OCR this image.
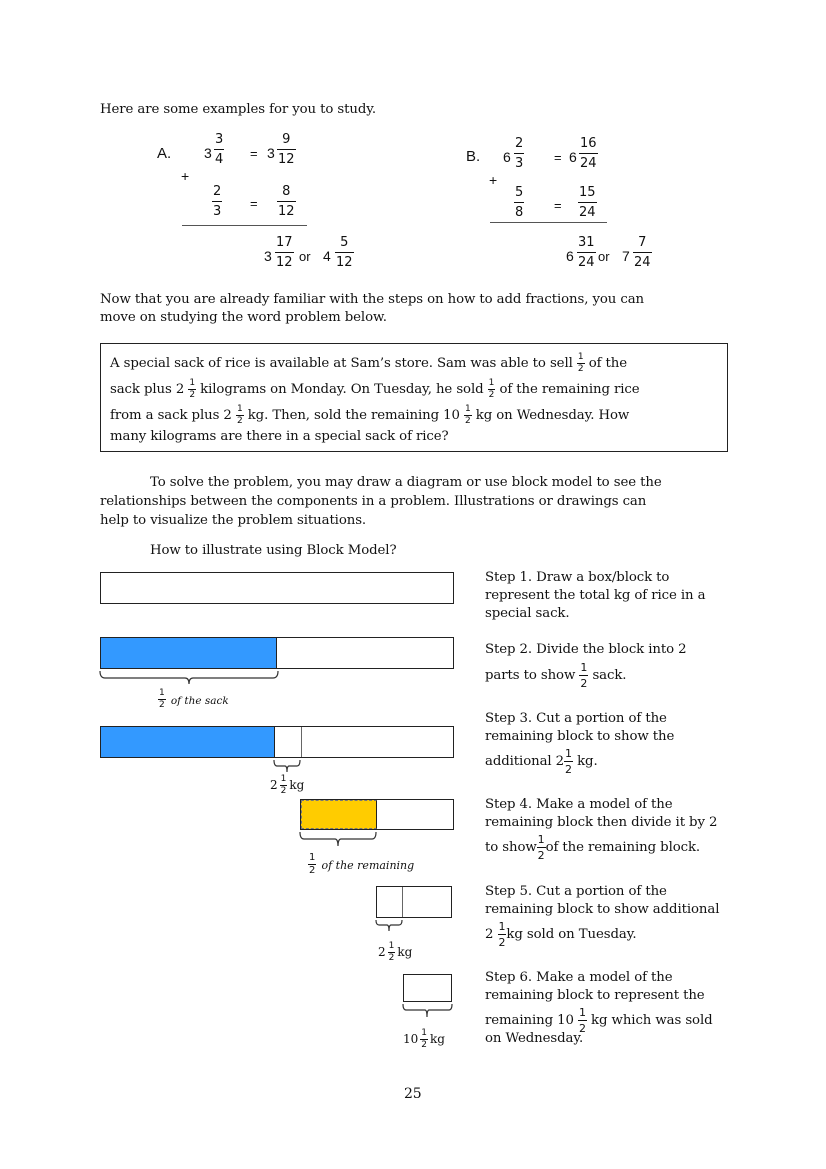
Here are some examples for you to study.
A. 3
3
4 = 3
9
12
+
2
3
=
8
12
3
17
12 or 4
5
12
B. 6
2
3 = 6
16
24
+
5
8 =
15
24
6
31
24 or 7
7
24
Now that you are already familiar with the steps on how to add fractions, you can
move on studying the word problem below.
A special sack of rice is available at Sam’s store. Sam was able to sell $\frac{1}{2}$ of the
sack plus $2 \frac{1}{2}$ kilograms on Monday. On Tuesday, he sold $\frac{1}{2}$ of the remaining rice
from a sack plus $2 \frac{1}{2}$ kg. Then, sold the remaining $10 \frac{1}{2}$ kg on Wednesday. How
many kilograms are there in a special sack of rice?
To solve the problem, you may draw a diagram or use block model to see the
relationships between the components in a problem. Illustrations or drawings can
help to visualize the problem situations.
How to illustrate using Block Model?
$\frac{1}{2}$ of the sack
$2 \frac{1}{2}$ kg
$\frac{1}{2}$ of the remaining
$2 \frac{1}{2}$ kg
$10 \frac{1}{2}$ kg
Step 1. Draw a box/block to
represent the total kg of rice in a
special sack.
Step 2. Divide the block into 2
parts to show $\frac{1}{2}$ sack.
Step 3. Cut a portion of the
remaining block to show the
additional $2 \frac{1}{2}$ kg.
Step 4. Make a model of the
remaining block then divide it by 2
to show $\frac{1}{2}$ of the remaining block.
Step 5. Cut a portion of the
remaining block to show additional
$2 \frac{1}{2}$ kg sold on Tuesday.
Step 6. Make a model of the
remaining block to represent the
remaining $10 \frac{1}{2}$ kg which was sold
on Wednesday.
25
